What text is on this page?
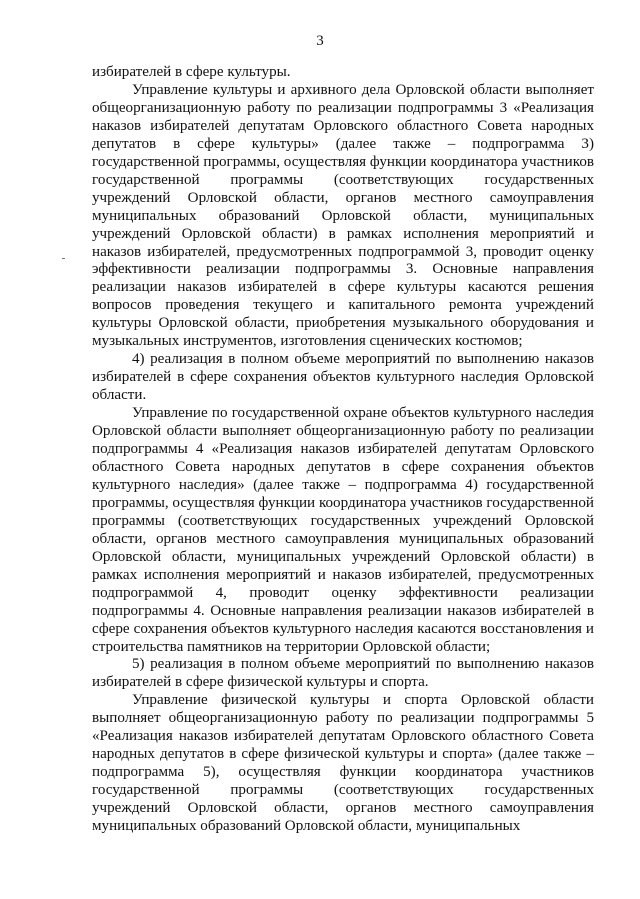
3

избирателей в сфере культуры.

Управление культуры и архивного дела Орловской области выполняет общеорганизационную работу по реализации подпрограммы 3 «Реализация наказов избирателей депутатам Орловского областного Совета народных депутатов в сфере культуры» (далее также – подпрограмма 3) государственной программы, осуществляя функции координатора участников государственной программы (соответствующих государственных учреждений Орловской области, органов местного самоуправления муниципальных образований Орловской области, муниципальных учреждений Орловской области) в рамках исполнения мероприятий и наказов избирателей, предусмотренных подпрограммой 3, проводит оценку эффективности реализации подпрограммы 3. Основные направления реализации наказов избирателей в сфере культуры касаются решения вопросов проведения текущего и капитального ремонта учреждений культуры Орловской области, приобретения музыкального оборудования и музыкальных инструментов, изготовления сценических костюмов;

4) реализация в полном объеме мероприятий по выполнению наказов избирателей в сфере сохранения объектов культурного наследия Орловской области.

Управление по государственной охране объектов культурного наследия Орловской области выполняет общеорганизационную работу по реализации подпрограммы 4 «Реализация наказов избирателей депутатам Орловского областного Совета народных депутатов в сфере сохранения объектов культурного наследия» (далее также – подпрограмма 4) государственной программы, осуществляя функции координатора участников государственной программы (соответствующих государственных учреждений Орловской области, органов местного самоуправления муниципальных образований Орловской области, муниципальных учреждений Орловской области) в рамках исполнения мероприятий и наказов избирателей, предусмотренных подпрограммой 4, проводит оценку эффективности реализации подпрограммы 4. Основные направления реализации наказов избирателей в сфере сохранения объектов культурного наследия касаются восстановления и строительства памятников на территории Орловской области;

5) реализация в полном объеме мероприятий по выполнению наказов избирателей в сфере физической культуры и спорта.

Управление физической культуры и спорта Орловской области выполняет общеорганизационную работу по реализации подпрограммы 5 «Реализация наказов избирателей депутатам Орловского областного Совета народных депутатов в сфере физической культуры и спорта» (далее также – подпрограмма 5), осуществляя функции координатора участников государственной программы (соответствующих государственных учреждений Орловской области, органов местного самоуправления муниципальных образований Орловской области, муниципальных
